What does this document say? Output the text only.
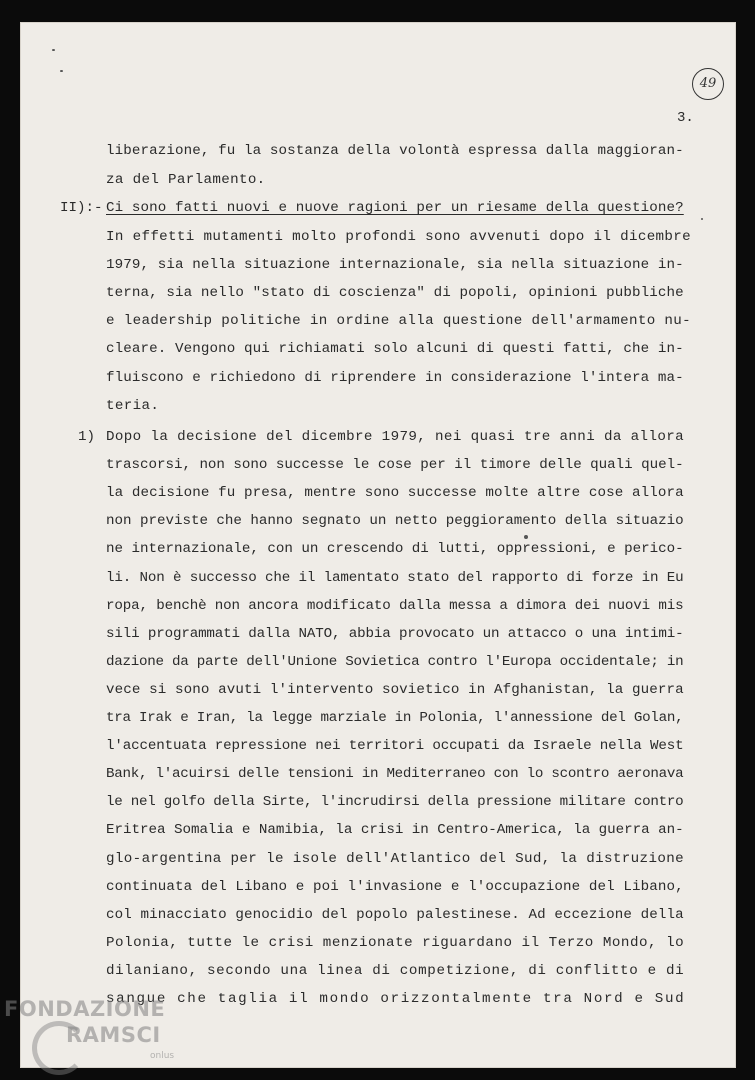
49
3.
liberazione, fu la sostanza della volontà espressa dalla maggioran-
za del Parlamento.
II):- Ci sono fatti nuovi e nuove ragioni per un riesame della questione?
In effetti mutamenti molto profondi sono avvenuti dopo il dicembre
1979, sia nella situazione internazionale, sia nella situazione in-
terna, sia nello "stato di coscienza" di popoli, opinioni pubbliche
e leadership politiche in ordine alla questione dell'armamento nu-
cleare. Vengono qui richiamati solo alcuni di questi fatti, che in-
fluiscono e richiedono di riprendere in considerazione l'intera ma-
teria.
1) Dopo la decisione del dicembre 1979, nei quasi tre anni da allora
trascorsi, non sono successe le cose per il timore delle quali quel-
la decisione fu presa, mentre sono successe molte altre cose allora
non previste che hanno segnato un netto peggioramento della situazio
ne internazionale, con un crescendo di lutti, oppressioni, e perico-
li. Non è successo che il lamentato stato del rapporto di forze in Eu
ropa, benchè non ancora modificato dalla messa a dimora dei nuovi mis
sili programmati dalla NATO, abbia provocato un attacco o una intimi-
dazione da parte dell'Unione Sovietica contro l'Europa occidentale; in
vece si sono avuti l'intervento sovietico in Afghanistan, la guerra
tra Irak e Iran, la legge marziale in Polonia, l'annessione del Golan,
l'accentuata repressione nei territori occupati da Israele nella West
Bank, l'acuirsi delle tensioni in Mediterraneo con lo scontro aeronava
le nel golfo della Sirte, l'incrudirsi della pressione militare contro
Eritrea Somalia e Namibia, la crisi in Centro-America, la guerra an-
glo-argentina per le isole dell'Atlantico del Sud, la distruzione
continuata del Libano e poi l'invasione e l'occupazione del Libano,
col minacciato genocidio del popolo palestinese. Ad eccezione della
Polonia, tutte le crisi menzionate riguardano il Terzo Mondo, lo
dilaniano, secondo una linea di competizione, di conflitto e di
sangue che taglia il mondo orizzontalmente tra Nord e Sud
FONDAZIONE
RAMSCI
onlus
